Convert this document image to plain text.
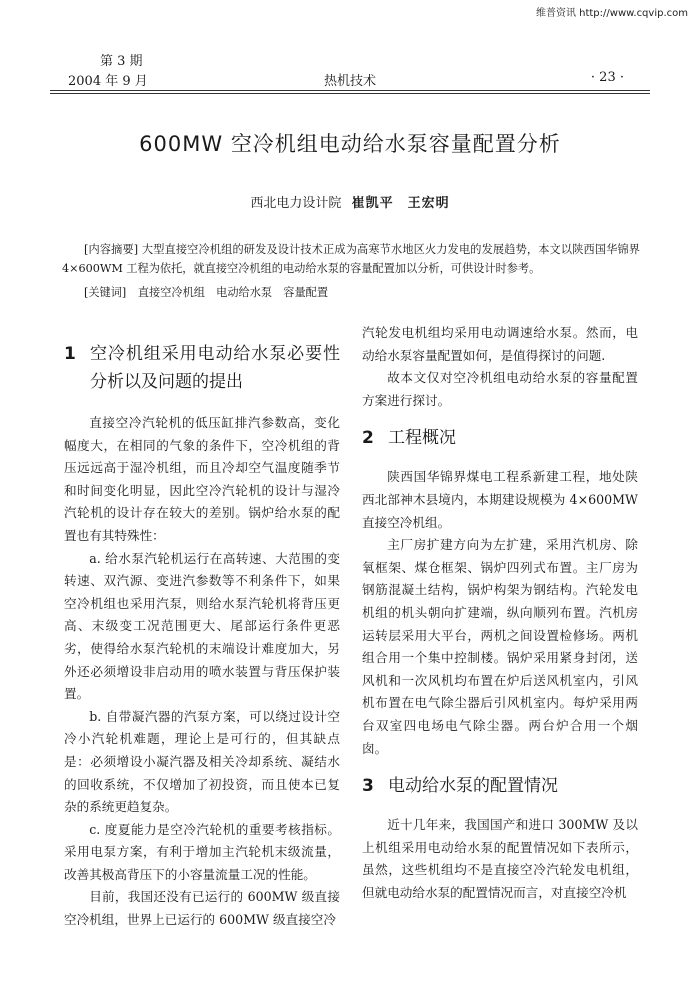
维普资讯 http://www.cqvip.com
第 3 期
2004 年 9 月	热机技术	· 23 ·
600MW 空冷机组电动给水泵容量配置分析
西北电力设计院 崔凯平　王宏明
[内容摘要] 大型直接空冷机组的研发及设计技术正成为高寒节水地区火力发电的发展趋势，本文以陕西国华锦界 4×600WM 工程为依托，就直接空冷机组的电动给水泵的容量配置加以分析，可供设计时参考。
[关键词] 直接空冷机组　电动给水泵　容量配置
1 空冷机组采用电动给水泵必要性分析以及问题的提出

直接空冷汽轮机的低压缸排汽参数高，变化幅度大，在相同的气象的条件下，空冷机组的背压远远高于湿冷机组，而且冷却空气温度随季节和时间变化明显，因此空冷汽轮机的设计与湿冷汽轮机的设计存在较大的差别。锅炉给水泵的配置也有其特殊性：

a. 给水泵汽轮机运行在高转速、大范围的变转速、双汽源、变进汽参数等不利条件下，如果空冷机组也采用汽泵，则给水泵汽轮机将背压更高、末级变工况范围更大、尾部运行条件更恶劣，使得给水泵汽轮机的末端设计难度加大，另外还必须增设非启动用的喷水装置与背压保护装置。

b. 自带凝汽器的汽泵方案，可以绕过设计空冷小汽轮机难题，理论上是可行的，但其缺点是：必须增设小凝汽器及相关冷却系统、凝结水的回收系统，不仅增加了初投资，而且使本已复杂的系统更趋复杂。

c. 度夏能力是空冷汽轮机的重要考核指标。采用电泵方案，有利于增加主汽轮机末级流量，改善其极高背压下的小容量流量工况的性能。

目前，我国还没有已运行的 600MW 级直接空冷机组，世界上已运行的 600MW 级直接空冷

汽轮发电机组均采用电动调速给水泵。然而，电动给水泵容量配置如何，是值得探讨的问题.

故本文仅对空冷机组电动给水泵的容量配置方案进行探讨。

2 工程概况

陕西国华锦界煤电工程系新建工程，地处陕西北部神木县境内，本期建设规模为 4×600MW 直接空冷机组。

主厂房扩建方向为左扩建，采用汽机房、除氧框架、煤仓框架、锅炉四列式布置。主厂房为钢筋混凝土结构，锅炉构架为钢结构。汽轮发电机组的机头朝向扩建端，纵向顺列布置。汽机房运转层采用大平台，两机之间设置检修场。两机组合用一个集中控制楼。锅炉采用紧身封闭，送风机和一次风机均布置在炉后送风机室内，引风机布置在电气除尘器后引风机室内。每炉采用两台双室四电场电气除尘器。两台炉合用一个烟囱。

3 电动给水泵的配置情况

近十几年来，我国国产和进口 300MW 及以上机组采用电动给水泵的配置情况如下表所示，虽然，这些机组均不是直接空冷汽轮发电机组，但就电动给水泵的配置情况而言，对直接空冷机
